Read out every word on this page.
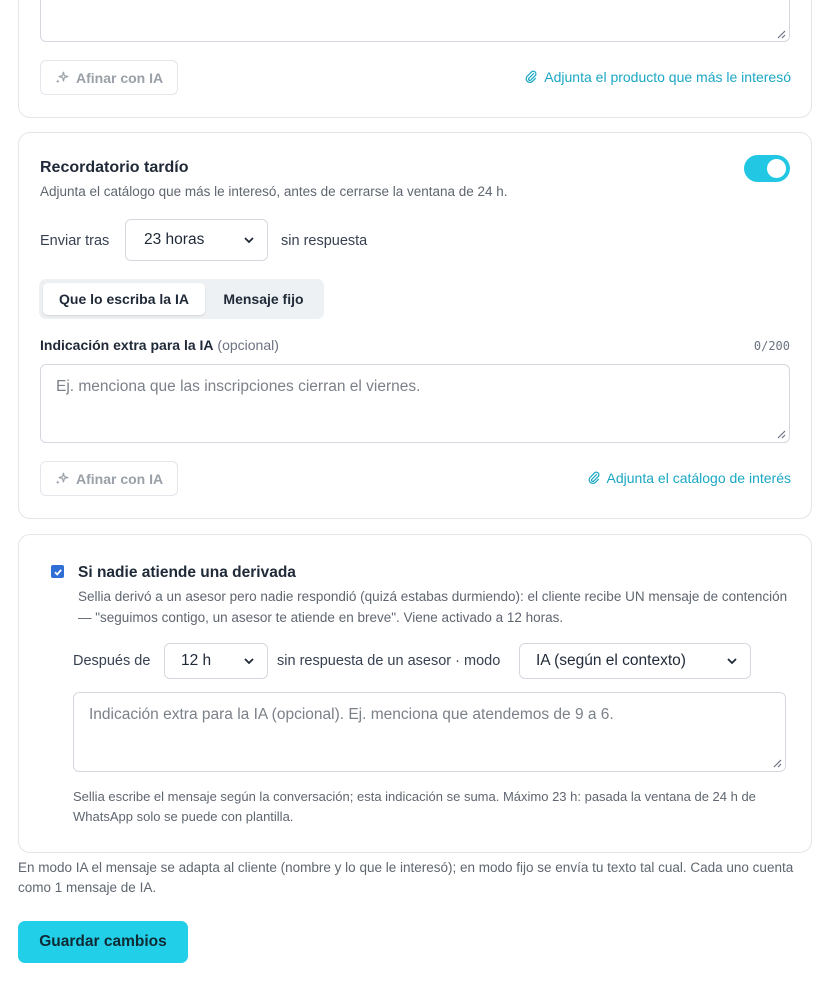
Afinar con IA	Adjunta el producto que más le interesó
Recordatorio tardío
Adjunta el catálogo que más le interesó, antes de cerrarse la ventana de 24 h.
Enviar tras 23 horas	sin respuesta
Que lo escriba la IA	Mensaje fijo
Indicación extra para la IA (opcional)	0/200
Ej. menciona que las inscripciones cierran el viernes.
Afinar con IA	Adjunta el catálogo de interés
Si nadie atiende una derivada
Sellia derivó a un asesor pero nadie respondió (quizá estabas durmiendo): el cliente recibe UN mensaje de contención — "seguimos contigo, un asesor te atiende en breve". Viene activado a 12 horas.
Después de 12 h	sin respuesta de un asesor · modo IA (según el contexto)
Indicación extra para la IA (opcional). Ej. menciona que atendemos de 9 a 6.
Sellia escribe el mensaje según la conversación; esta indicación se suma. Máximo 23 h: pasada la ventana de 24 h de WhatsApp solo se puede con plantilla.
En modo IA el mensaje se adapta al cliente (nombre y lo que le interesó); en modo fijo se envía tu texto tal cual. Cada uno cuenta como 1 mensaje de IA.
Guardar cambios
